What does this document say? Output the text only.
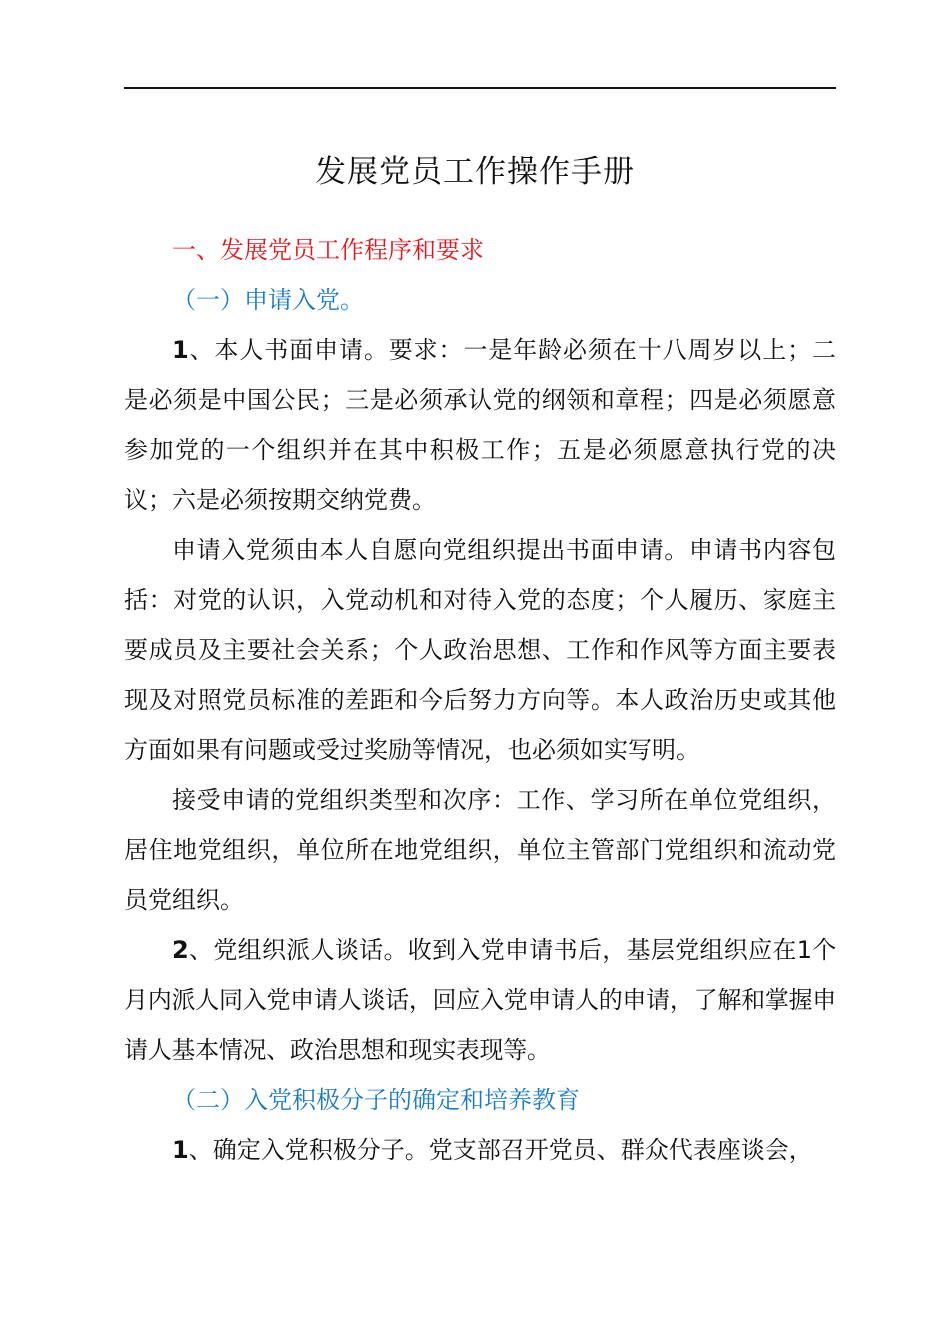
发展党员工作操作手册

一、发展党员工作程序和要求

（一）申请入党。

1、本人书面申请。要求：一是年龄必须在十八周岁以上；二是必须是中国公民；三是必须承认党的纲领和章程；四是必须愿意参加党的一个组织并在其中积极工作；五是必须愿意执行党的决议；六是必须按期交纳党费。

申请入党须由本人自愿向党组织提出书面申请。申请书内容包括：对党的认识，入党动机和对待入党的态度；个人履历、家庭主要成员及主要社会关系；个人政治思想、工作和作风等方面主要表现及对照党员标准的差距和今后努力方向等。本人政治历史或其他方面如果有问题或受过奖励等情况，也必须如实写明。

接受申请的党组织类型和次序：工作、学习所在单位党组织，居住地党组织，单位所在地党组织，单位主管部门党组织和流动党员党组织。

2、党组织派人谈话。收到入党申请书后，基层党组织应在1个月内派人同入党申请人谈话，回应入党申请人的申请，了解和掌握申请人基本情况、政治思想和现实表现等。

（二）入党积极分子的确定和培养教育

1、确定入党积极分子。党支部召开党员、群众代表座谈会，
